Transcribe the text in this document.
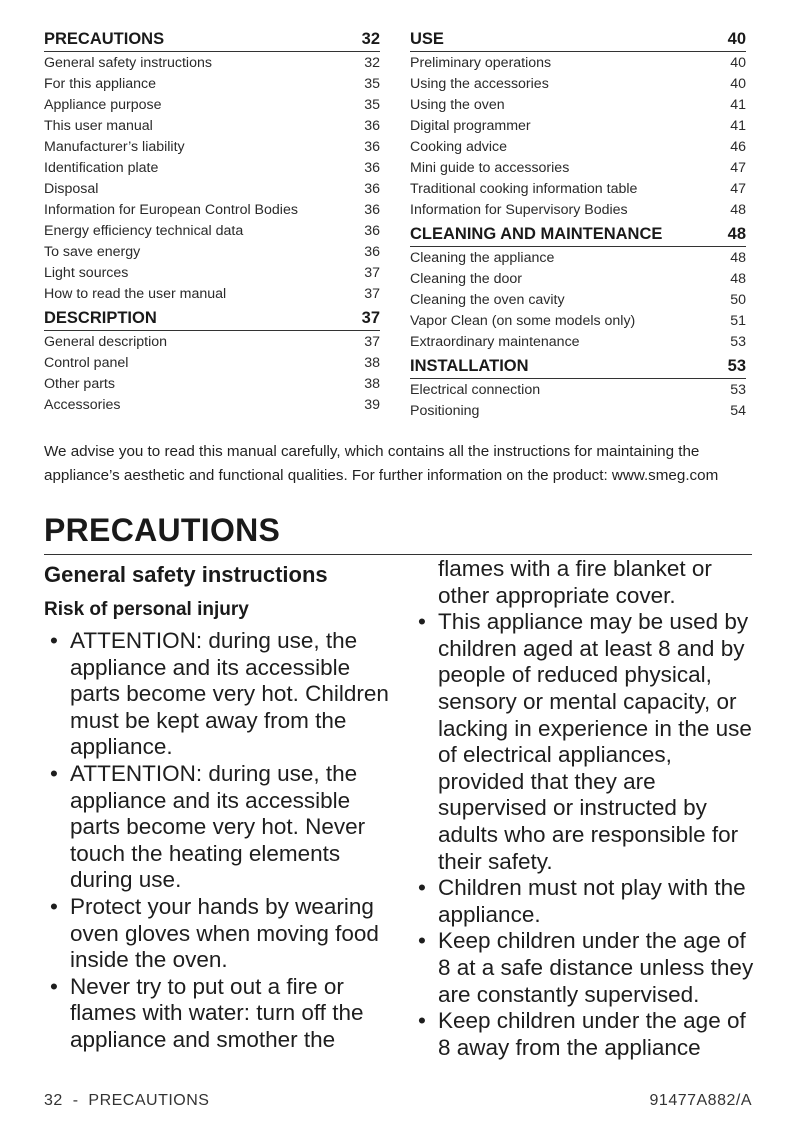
PRECAUTIONS	32
General safety instructions	32
For this appliance	35
Appliance purpose	35
This user manual	36
Manufacturer’s liability	36
Identification plate	36
Disposal	36
Information for European Control Bodies	36
Energy efficiency technical data	36
To save energy	36
Light sources	37
How to read the user manual	37
DESCRIPTION	37
General description	37
Control panel	38
Other parts	38
Accessories	39
USE	40
Preliminary operations	40
Using the accessories	40
Using the oven	41
Digital programmer	41
Cooking advice	46
Mini guide to accessories	47
Traditional cooking information table	47
Information for Supervisory Bodies	48
CLEANING AND MAINTENANCE	48
Cleaning the appliance	48
Cleaning the door	48
Cleaning the oven cavity	50
Vapor Clean (on some models only)	51
Extraordinary maintenance	53
INSTALLATION	53
Electrical connection	53
Positioning	54
We advise you to read this manual carefully, which contains all the instructions for maintaining the appliance’s aesthetic and functional qualities. For further information on the product: www.smeg.com
PRECAUTIONS
General safety instructions
Risk of personal injury
• ATTENTION: during use, the appliance and its accessible parts become very hot. Children must be kept away from the appliance.
• ATTENTION: during use, the appliance and its accessible parts become very hot. Never touch the heating elements during use.
• Protect your hands by wearing oven gloves when moving food inside the oven.
• Never try to put out a fire or flames with water: turn off the appliance and smother the
flames with a fire blanket or other appropriate cover.
• This appliance may be used by children aged at least 8 and by people of reduced physical, sensory or mental capacity, or lacking in experience in the use of electrical appliances, provided that they are supervised or instructed by adults who are responsible for their safety.
• Children must not play with the appliance.
• Keep children under the age of 8 at a safe distance unless they are constantly supervised.
• Keep children under the age of 8 away from the appliance
32  -  PRECAUTIONS	91477A882/A
